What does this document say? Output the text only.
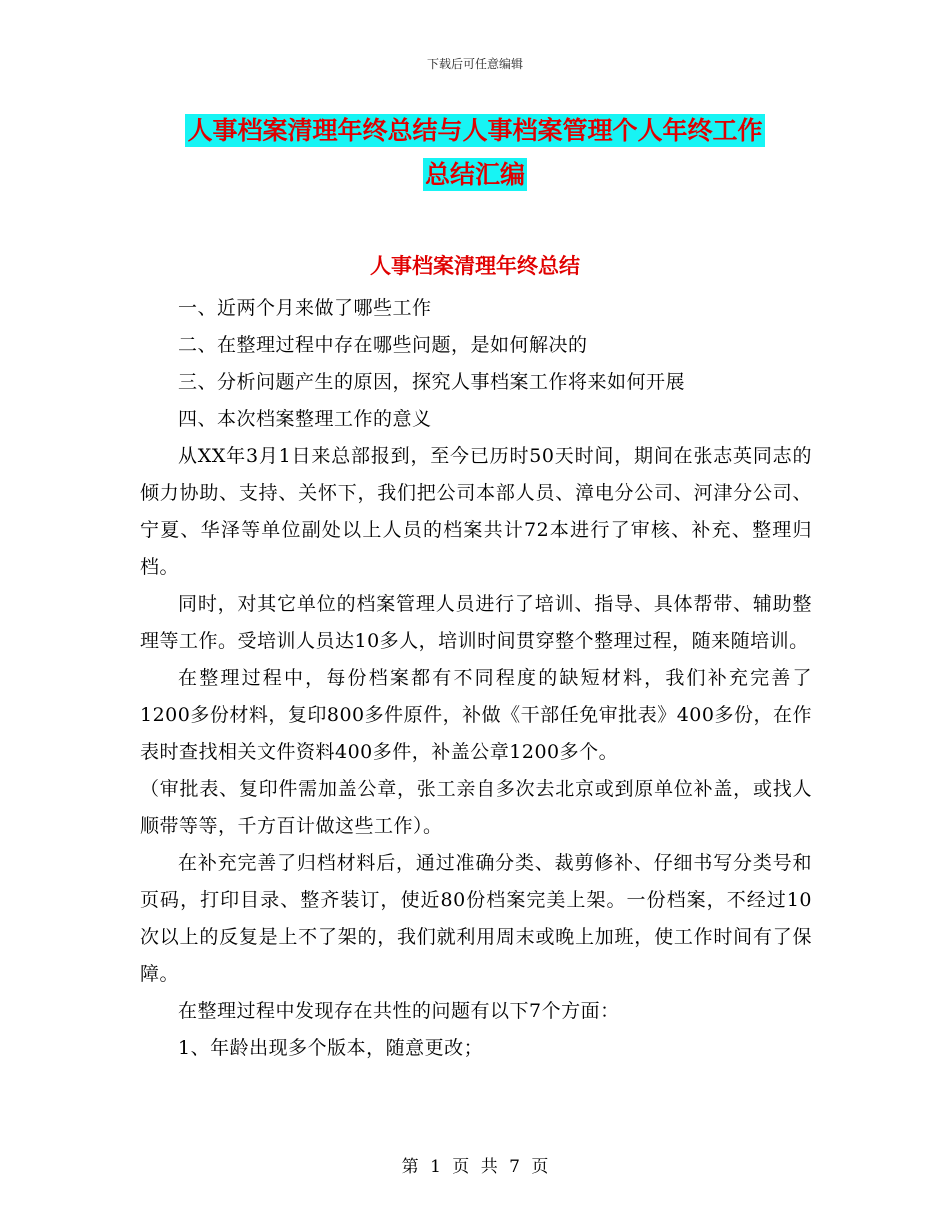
下载后可任意编辑
人事档案清理年终总结与人事档案管理个人年终工作
总结汇编
人事档案清理年终总结

一、近两个月来做了哪些工作

二、在整理过程中存在哪些问题，是如何解决的

三、分析问题产生的原因，探究人事档案工作将来如何开展

四、本次档案整理工作的意义

从XX年3月1日来总部报到，至今已历时50天时间，期间在张志英同志的倾力协助、支持、关怀下，我们把公司本部人员、漳电分公司、河津分公司、宁夏、华泽等单位副处以上人员的档案共计72本进行了审核、补充、整理归档。

同时，对其它单位的档案管理人员进行了培训、指导、具体帮带、辅助整理等工作。受培训人员达10多人，培训时间贯穿整个整理过程，随来随培训。

在整理过程中，每份档案都有不同程度的缺短材料，我们补充完善了1200多份材料，复印800多件原件，补做《干部任免审批表》400多份，在作表时查找相关文件资料400多件，补盖公章1200多个。

（审批表、复印件需加盖公章，张工亲自多次去北京或到原单位补盖，或找人顺带等等，千方百计做这些工作）。

在补充完善了归档材料后，通过准确分类、裁剪修补、仔细书写分类号和页码，打印目录、整齐装订，使近80份档案完美上架。一份档案，不经过10次以上的反复是上不了架的，我们就利用周末或晚上加班，使工作时间有了保障。

在整理过程中发现存在共性的问题有以下7个方面：

1、年龄出现多个版本，随意更改；

第 1 页 共 7 页
